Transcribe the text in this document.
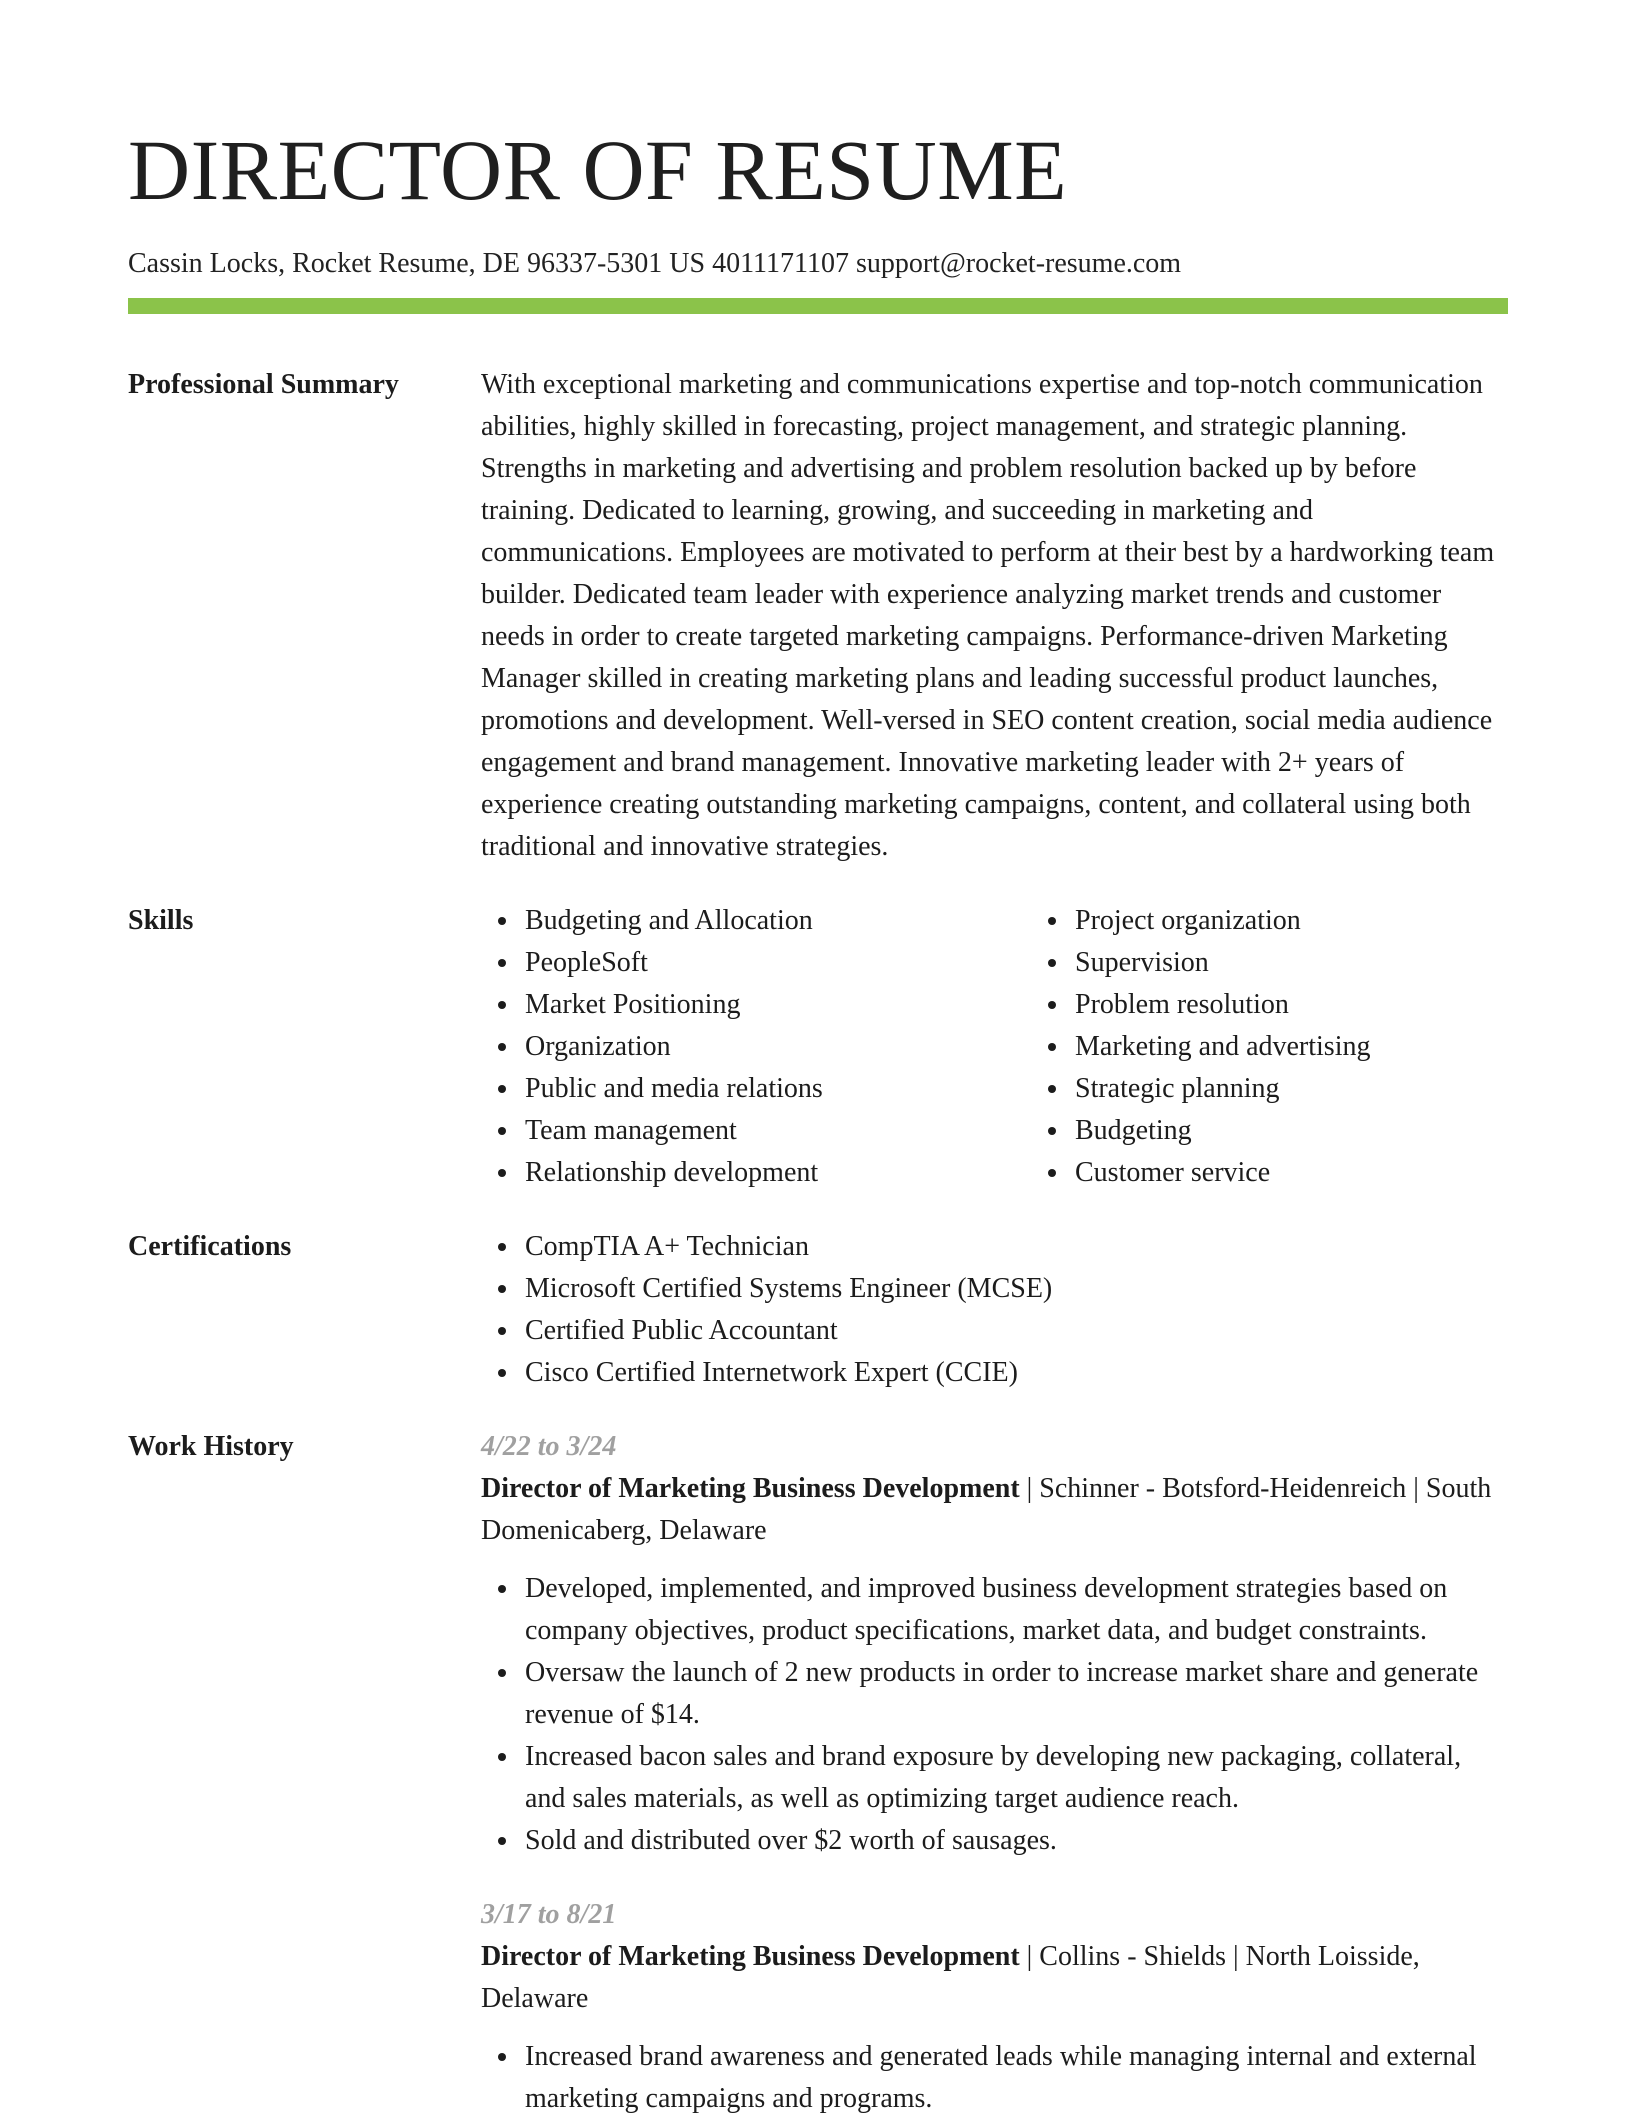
DIRECTOR OF RESUME
Cassin Locks, Rocket Resume, DE 96337-5301 US 4011171107 support@rocket-resume.com
Professional Summary	With exceptional marketing and communications expertise and top-notch communication abilities, highly skilled in forecasting, project management, and strategic planning. Strengths in marketing and advertising and problem resolution backed up by before training. Dedicated to learning, growing, and succeeding in marketing and communications. Employees are motivated to perform at their best by a hardworking team builder. Dedicated team leader with experience analyzing market trends and customer needs in order to create targeted marketing campaigns. Performance-driven Marketing Manager skilled in creating marketing plans and leading successful product launches, promotions and development. Well-versed in SEO content creation, social media audience engagement and brand management. Innovative marketing leader with 2+ years of experience creating outstanding marketing campaigns, content, and collateral using both traditional and innovative strategies.
Skills	Budgeting and Allocation
PeopleSoft
Market Positioning
Organization
Public and media relations
Team management
Relationship development
Project organization
Supervision
Problem resolution
Marketing and advertising
Strategic planning
Budgeting
Customer service
Certifications	CompTIA A+ Technician
Microsoft Certified Systems Engineer (MCSE)
Certified Public Accountant
Cisco Certified Internetwork Expert (CCIE)
Work History	4/22 to 3/24
Director of Marketing Business Development | Schinner - Botsford-Heidenreich | South Domenicaberg, Delaware
Developed, implemented, and improved business development strategies based on company objectives, product specifications, market data, and budget constraints.
Oversaw the launch of 2 new products in order to increase market share and generate revenue of $14.
Increased bacon sales and brand exposure by developing new packaging, collateral, and sales materials, as well as optimizing target audience reach.
Sold and distributed over $2 worth of sausages.
3/17 to 8/21
Director of Marketing Business Development | Collins - Shields | North Loisside, Delaware
Increased brand awareness and generated leads while managing internal and external marketing campaigns and programs.
